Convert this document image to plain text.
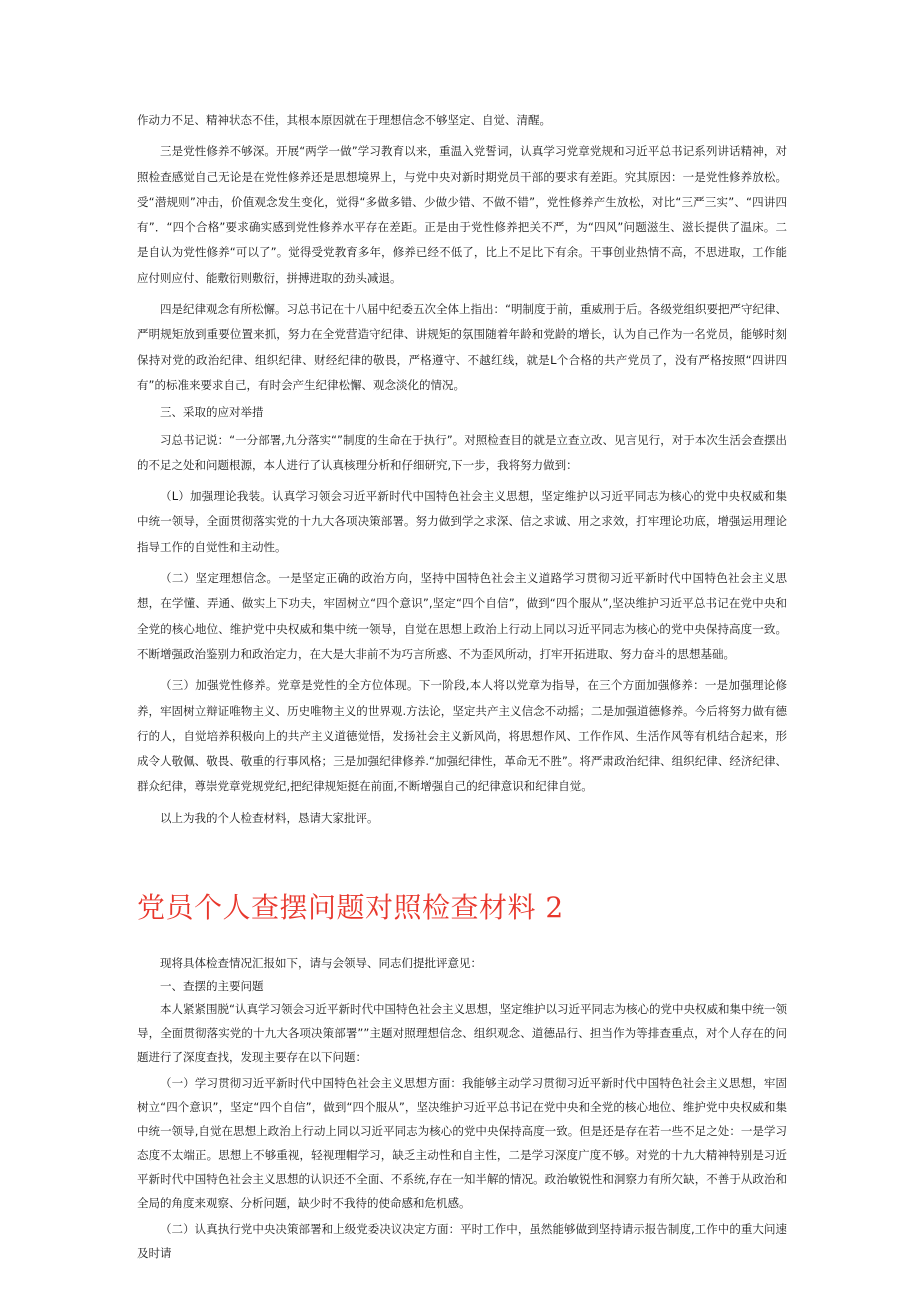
作动力不足、精神状态不佳，其根本原因就在于理想信念不够坚定、自觉、清醒。

三是党性修养不够深。开展“两学一做”学习教育以来，重温入党誓词，认真学习党章党规和习近平总书记系列讲话精神，对照检查感觉自己无论是在党性修养还是思想境界上，与党中央对新时期党员干部的要求有差距。究其原因：一是党性修养放松。受“潜规则”冲击，价值观念发生变化，觉得“多做多错、少做少错、不做不错”，党性修养产生放松，对比“三严三实”、“四讲四有”．“四个合格”要求确实感到党性修养水平存在差距。正是由于党性修养把关不严，为“四风”问题滋生、滋长提供了温床。二是自认为党性修养“可以了”。觉得受党教育多年，修养已经不低了，比上不足比下有余。干事创业热情不高，不思进取，工作能应付则应付、能敷衍则敷衍，拼搏进取的劲头减退。

四是纪律观念有所松懈。习总书记在十八届中纪委五次全体上指出：“明制度于前，重威刑于后。各级党组织要把严守纪律、严明规矩放到重要位置来抓，努力在全党营造守纪律、讲规矩的氛围随着年龄和党龄的增长，认为自己作为一名党员，能够时刻保持对党的政治纪律、组织纪律、财经纪律的敬畏，严格遵守、不越红线，就是L个合格的共产党员了，没有严格按照“四讲四有”的标准来要求自己，有时会产生纪律松懈、观念淡化的情况。

三、采取的应对举措

习总书记说：“一分部署,九分落实“”制度的生命在于执行”。对照检查目的就是立查立改、见言见行，对于本次生活会查摆出的不足之处和问题根源，本人进行了认真核理分析和仔细研究,下一步，我将努力做到：

（L）加强理论我装。认真学习领会习近平新时代中国特色社会主义思想，坚定维护以习近平同志为核心的党中央权威和集中统一领导，全面贯彻落实党的十九大各项决策部署。努力做到学之求深、信之求诚、用之求效，打牢理论功底，增强运用理论指导工作的自觉性和主动性。

（二）坚定理想信念。一是坚定正确的政治方向，坚持中国特色社会主义道路学习贯彻习近平新时代中国特色社会主义思想，在学懂、弄通、做实上下功夫，牢固树立“四个意识”,坚定“四个自信”，做到“四个服从”,坚决维护习近平总书记在党中央和全党的核心地位、维护党中央权威和集中统一领导，自觉在思想上政治上行动上同以习近平同志为核心的党中央保持高度一致。不断增强政治鉴别力和政治定力，在大是大非前不为巧言所惑、不为歪风所动，打牢开拓进取、努力奋斗的思想基础。

（三）加强党性修养。党章是党性的全方位体现。下一阶段,本人将以党章为指导，在三个方面加强修养：一是加强理论修养，牢固树立辩证唯物主义、历史唯物主义的世界观.方法论，坚定共产主义信念不动摇；二是加强道德修养。今后将努力做有德行的人，自觉培养积极向上的共产主义道德觉悟，发扬社会主义新风尚，将思想作风、工作作风、生活作风等有机结合起来，形成令人敬佩、敬畏、敬重的行事风格；三是加强纪律修养.“加强纪律性，革命无不胜”。将严肃政治纪律、组织纪律、经济纪律、群众纪律，尊崇党章党规党纪,把纪律规矩挺在前面,不断增强自己的纪律意识和纪律自觉。

以上为我的个人检查材料，恳请大家批评。

党员个人查摆问题对照检查材料 2

现将具体检查情况汇报如下，请与会领导、同志们提批评意见：

一、查摆的主要问题

本人紧紧围脱“认真学习领会习近平新时代中国特色社会主义思想，坚定维护以习近平同志为核心的党中央权威和集中统一领导，全面贯彻落实党的十九大各项决策部署””主题对照理想信念、组织观念、道德品行、担当作为等排查重点，对个人存在的问题进行了深度查找，发现主要存在以下问题：

（一）学习贯彻习近平新时代中国特色社会主义思想方面：我能够主动学习贯彻习近平新时代中国特色社会主义思想，牢固树立“四个意识”，坚定“四个自信”，做到“四个服从”，坚决维护习近平总书记在党中央和全党的核心地位、维护党中央权威和集中统一领导,自觉在思想上政治上行动上同以习近平同志为核心的党中央保持高度一致。但是还是存在若一些不足之处：一是学习态度不太端正。思想上不够重视，轻视理帽学习，缺乏主动性和自主性，二是学习深度广度不够。对党的十九大精神特别是习近平新时代中国特色社会主义思想的认识还不全面、不系统,存在一知半解的情况。政治敏锐性和洞察力有所欠缺，不善于从政治和全局的角度来观察、分析问题，缺少时不我待的使命感和危机感。

（二）认真执行党中央决策部署和上级党委决议决定方面：平时工作中，虽然能够做到坚持请示报告制度,工作中的重大问速及时请
